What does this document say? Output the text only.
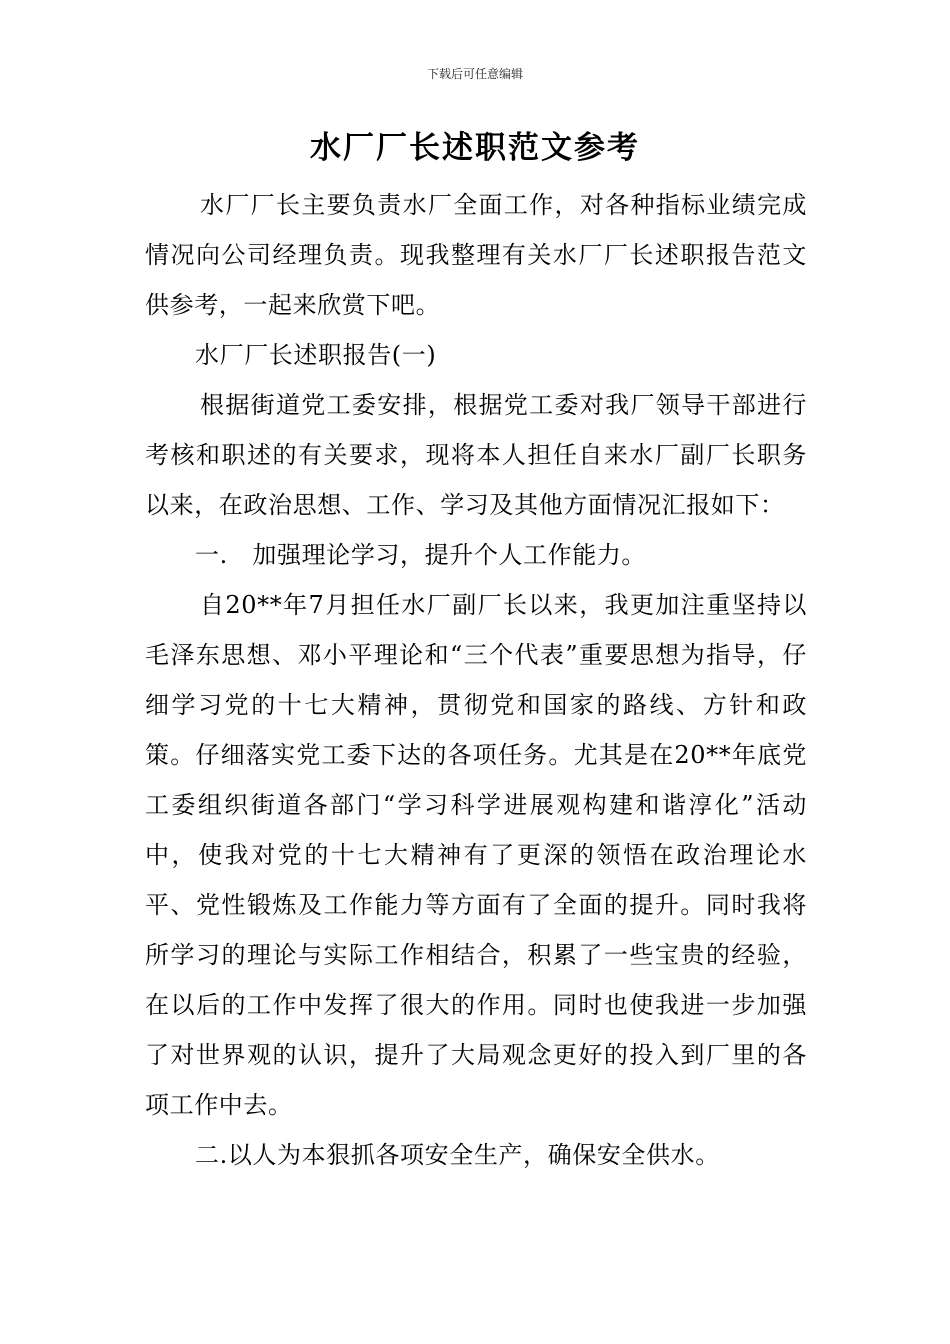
下载后可任意编辑
水厂厂长述职范文参考

水厂厂长主要负责水厂全面工作，对各种指标业绩完成情况向公司经理负责。现我整理有关水厂厂长述职报告范文供参考，一起来欣赏下吧。

水厂厂长述职报告(一)

根据街道党工委安排，根据党工委对我厂领导干部进行考核和职述的有关要求，现将本人担任自来水厂副厂长职务以来，在政治思想、工作、学习及其他方面情况汇报如下：

一.　加强理论学习，提升个人工作能力。

自20**年7月担任水厂副厂长以来，我更加注重坚持以毛泽东思想、邓小平理论和“三个代表”重要思想为指导，仔细学习党的十七大精神，贯彻党和国家的路线、方针和政策。仔细落实党工委下达的各项任务。尤其是在20**年底党工委组织街道各部门“学习科学进展观构建和谐淳化”活动中，使我对党的十七大精神有了更深的领悟在政治理论水平、党性锻炼及工作能力等方面有了全面的提升。同时我将所学习的理论与实际工作相结合，积累了一些宝贵的经验，在以后的工作中发挥了很大的作用。同时也使我进一步加强了对世界观的认识，提升了大局观念更好的投入到厂里的各项工作中去。

二.以人为本狠抓各项安全生产，确保安全供水。
